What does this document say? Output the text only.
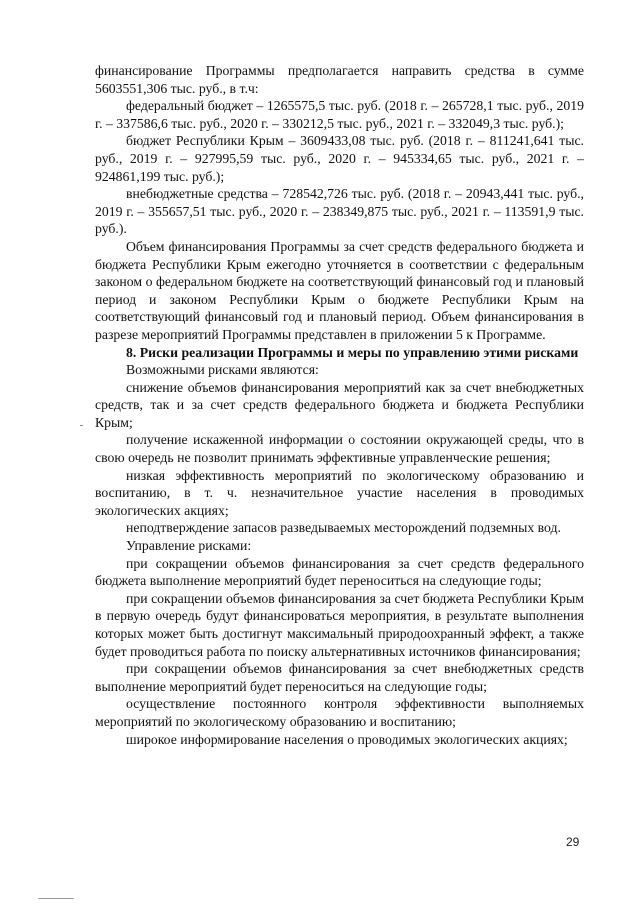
финансирование Программы предполагается направить средства в сумме 5603551,306 тыс. руб., в т.ч:

федеральный бюджет – 1265575,5 тыс. руб. (2018 г. – 265728,1 тыс. руб., 2019 г. – 337586,6 тыс. руб., 2020 г. – 330212,5 тыс. руб., 2021 г. – 332049,3 тыс. руб.);

бюджет Республики Крым – 3609433,08 тыс. руб. (2018 г. – 811241,641 тыс. руб., 2019 г. – 927995,59 тыс. руб., 2020 г. – 945334,65 тыс. руб., 2021 г. – 924861,199 тыс. руб.);

внебюджетные средства – 728542,726 тыс. руб. (2018 г. – 20943,441 тыс. руб., 2019 г. – 355657,51 тыс. руб., 2020 г. – 238349,875 тыс. руб., 2021 г. – 113591,9 тыс. руб.).

Объем финансирования Программы за счет средств федерального бюджета и бюджета Республики Крым ежегодно уточняется в соответствии с федеральным законом о федеральном бюджете на соответствующий финансовый год и плановый период и законом Республики Крым о бюджете Республики Крым на соответствующий финансовый год и плановый период. Объем финансирования в разрезе мероприятий Программы представлен в приложении 5 к Программе.

8. Риски реализации Программы и меры по управлению этими рисками

Возможными рисками являются:

снижение объемов финансирования мероприятий как за счет внебюджетных средств, так и за счет средств федерального бюджета и бюджета Республики Крым;

получение искаженной информации о состоянии окружающей среды, что в свою очередь не позволит принимать эффективные управленческие решения;

низкая эффективность мероприятий по экологическому образованию и воспитанию, в т. ч. незначительное участие населения в проводимых экологических акциях;

неподтверждение запасов разведываемых месторождений подземных вод.

Управление рисками:

при сокращении объемов финансирования за счет средств федерального бюджета выполнение мероприятий будет переноситься на следующие годы;

при сокращении объемов финансирования за счет бюджета Республики Крым в первую очередь будут финансироваться мероприятия, в результате выполнения которых может быть достигнут максимальный природоохранный эффект, а также будет проводиться работа по поиску альтернативных источников финансирования;

при сокращении объемов финансирования за счет внебюджетных средств выполнение мероприятий будет переноситься на следующие годы;

осуществление постоянного контроля эффективности выполняемых мероприятий по экологическому образованию и воспитанию;

широкое информирование населения о проводимых экологических акциях;

29
